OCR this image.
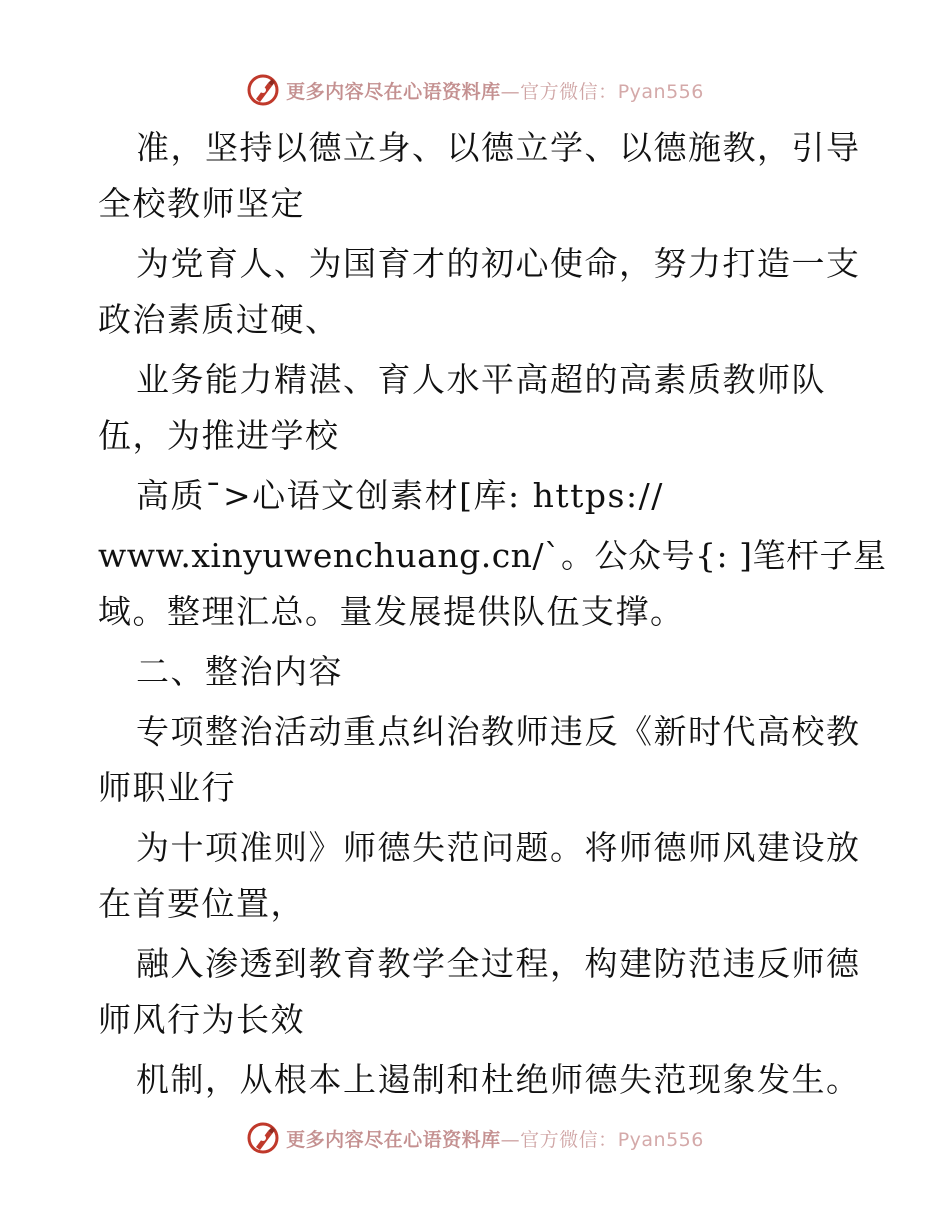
更多内容尽在心语资料库—官方微信：Pyan556
准，坚持以德立身、以德立学、以德施教，引导
全校教师坚定
为党育人、为国育才的初心使命，努力打造一支
政治素质过硬、
业务能力精湛、育人水平高超的高素质教师队
伍，为推进学校
高质¯>心语文创素材[库: https://
www.xinyuwenchuang.cn/`。公众号{: ]笔杆子星
域。整理汇总。量发展提供队伍支撑。
二、整治内容
专项整治活动重点纠治教师违反《新时代高校教
师职业行
为十项准则》师德失范问题。将师德师风建设放
在首要位置，
融入渗透到教育教学全过程，构建防范违反师德
师风行为长效
机制，从根本上遏制和杜绝师德失范现象发生。
更多内容尽在心语资料库—官方微信：Pyan556
